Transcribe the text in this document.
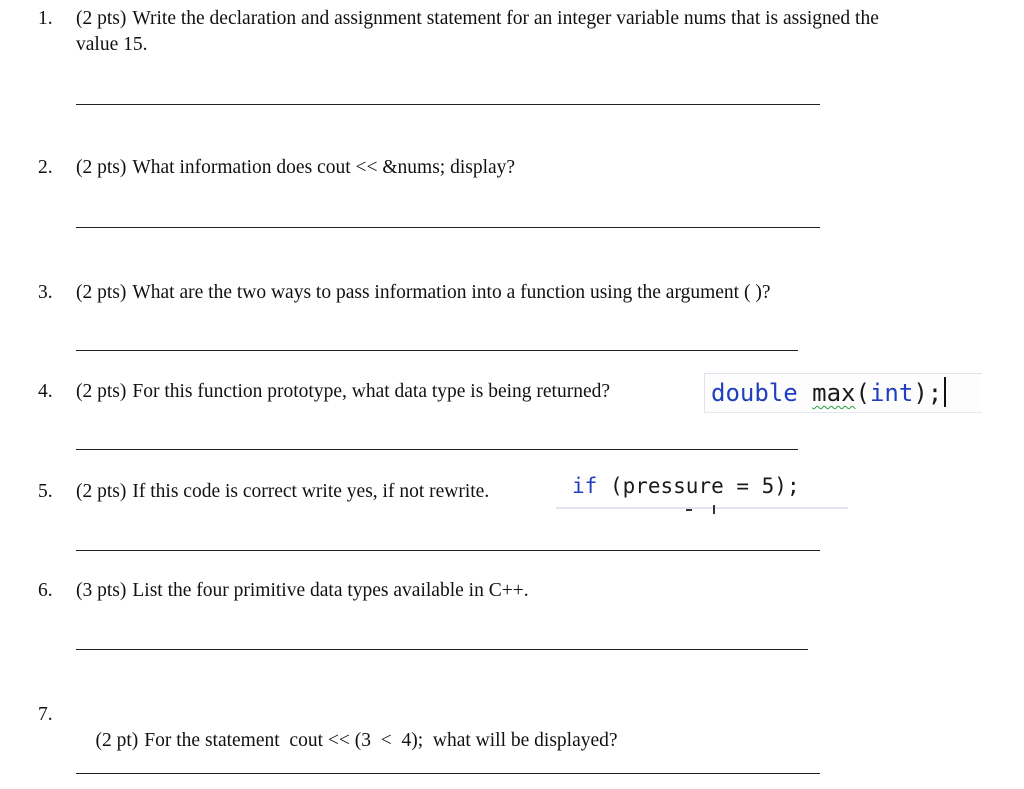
1. (2 pts) Write the declaration and assignment statement for an integer variable nums that is assigned the
value 15.
2. (2 pts) What information does cout << &nums; display?
3. (2 pts) What are the two ways to pass information into a function using the argument ( )?
4. (2 pts) For this function prototype, what data type is being returned?	double max(int);
5. (2 pts) If this code is correct write yes, if not rewrite.	if (pressure = 5);
6. (3 pts) List the four primitive data types available in C++.
7.

(2 pt) For the statement  cout << (3  <  4);  what will be displayed?
